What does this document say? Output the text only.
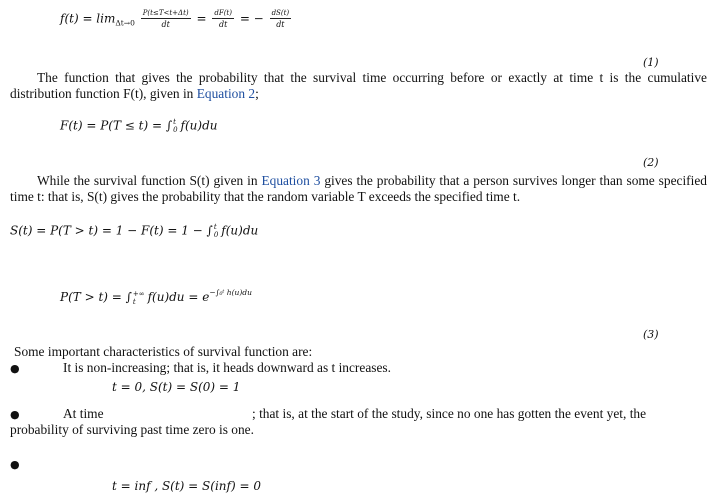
$f(t) = \lim_{\Delta t\to 0} \frac{P(t\le T<t+\Delta t)}{dt} = \frac{dF(t)}{dt}$ = − $\frac{dS(t)}{dt}$
(1)
The function that gives the probability that the survival time occurring before or exactly at time t is the cumulative distribution function F(t), given in Equation 2;
F(t) = P(T ≤ t) = ∫ t
0 f(u)du
(2)
While the survival function S(t) given in Equation 3 gives the probability that a person survives longer than some specified time t: that is, S(t) gives the probability that the random variable T exceeds the specified time t.
S(t) = P(T > t) = 1 − F(t) = 1 − ∫ t
0 f(u)du
P(T > t) = ∫ +∞
t $f(u)du = e^{-\int_0ᵗ h(u)du}$
(3)
Some important characteristics of survival function are:
●	It is non-increasing; that is, it heads downward as t increases.
t = 0, S(t) = S(0) = 1
●	At time	; that is, at the start of the study, since no one has gotten the event yet, the
probability of surviving past time zero is one.
●
t = inf , S(t) = S(inf) = 0
